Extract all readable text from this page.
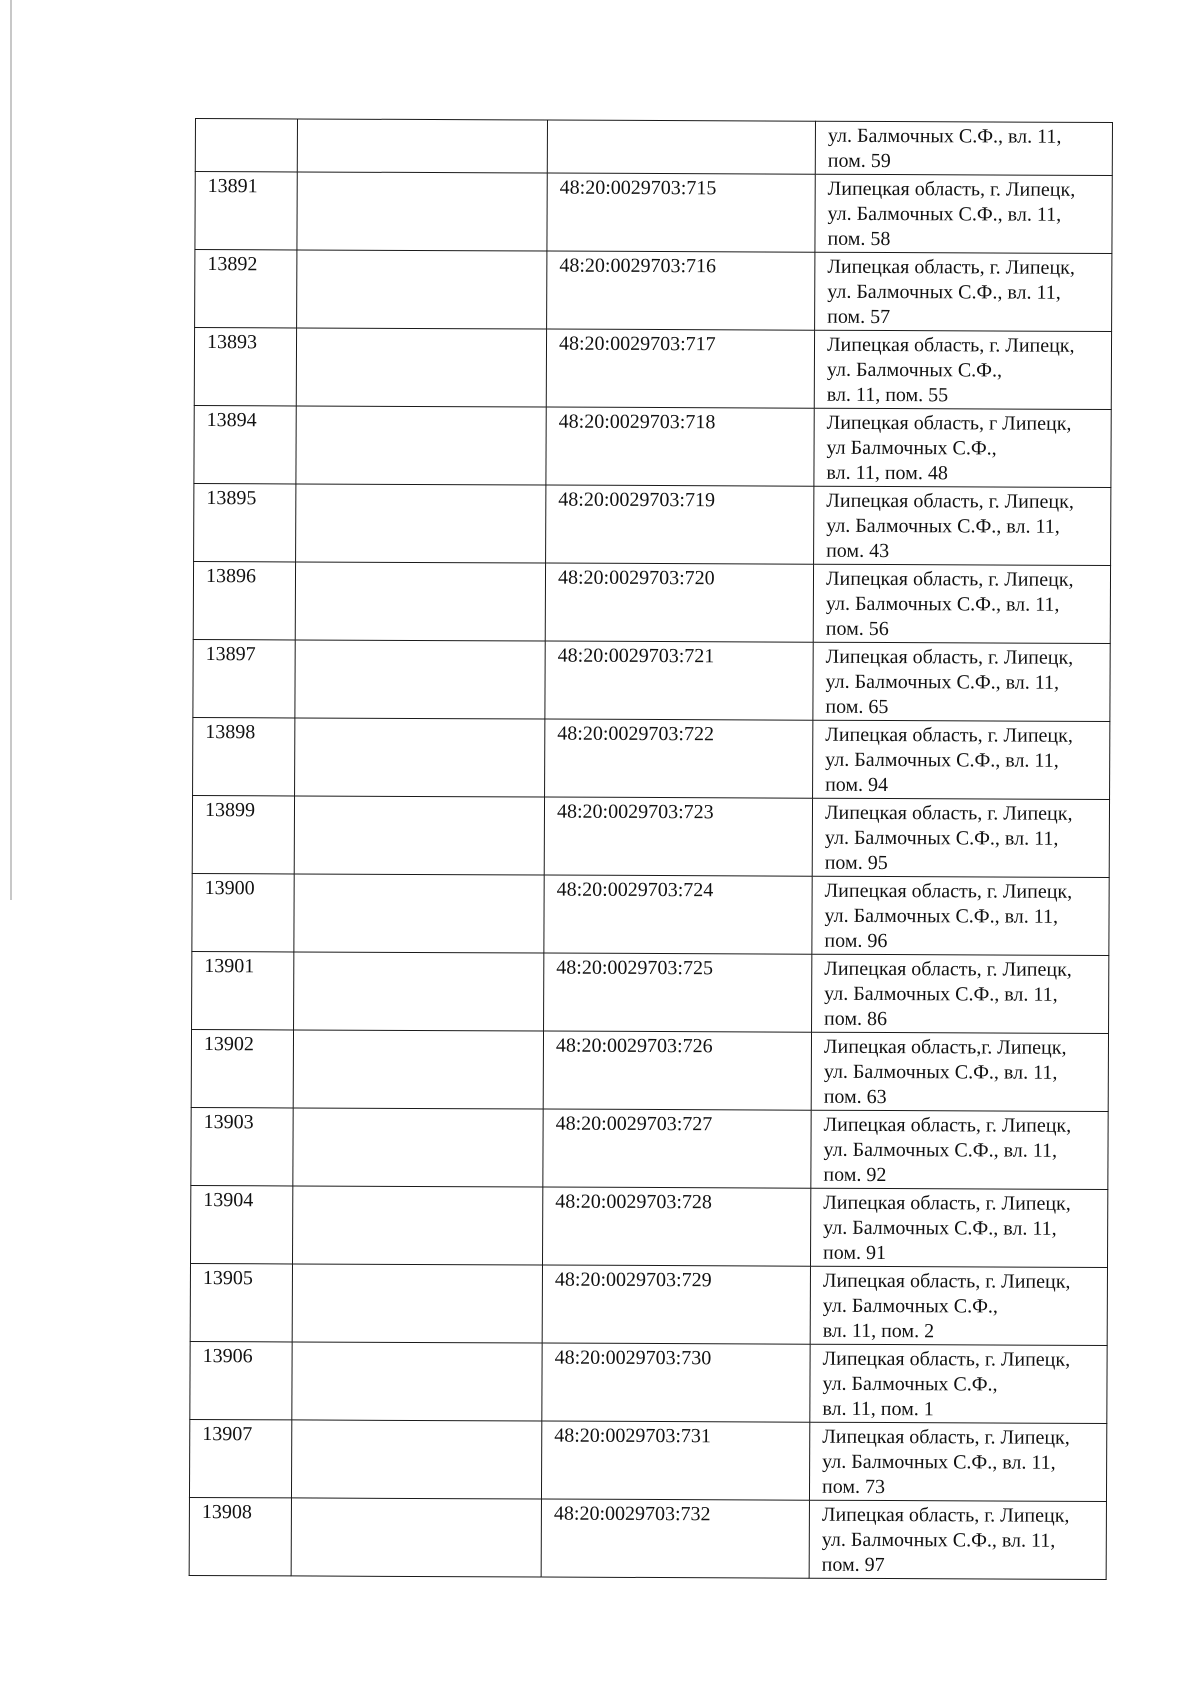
			ул. Балмочных С.Ф., вл. 11,
пом. 59

13891		48:20:0029703:715	Липецкая область, г. Липецк,
ул. Балмочных С.Ф., вл. 11,
пом. 58

13892		48:20:0029703:716	Липецкая область, г. Липецк,
ул. Балмочных С.Ф., вл. 11,
пом. 57

13893		48:20:0029703:717	Липецкая область, г. Липецк,
ул. Балмочных С.Ф.,
вл. 11, пом. 55

13894		48:20:0029703:718	Липецкая область, г Липецк,
ул Балмочных С.Ф.,
вл. 11, пом. 48

13895		48:20:0029703:719	Липецкая область, г. Липецк,
ул. Балмочных С.Ф., вл. 11,
пом. 43

13896		48:20:0029703:720	Липецкая область, г. Липецк,
ул. Балмочных С.Ф., вл. 11,
пом. 56

13897		48:20:0029703:721	Липецкая область, г. Липецк,
ул. Балмочных С.Ф., вл. 11,
пом. 65

13898		48:20:0029703:722	Липецкая область, г. Липецк,
ул. Балмочных С.Ф., вл. 11,
пом. 94

13899		48:20:0029703:723	Липецкая область, г. Липецк,
ул. Балмочных С.Ф., вл. 11,
пом. 95

13900		48:20:0029703:724	Липецкая область, г. Липецк,
ул. Балмочных С.Ф., вл. 11,
пом. 96

13901		48:20:0029703:725	Липецкая область, г. Липецк,
ул. Балмочных С.Ф., вл. 11,
пом. 86

13902		48:20:0029703:726	Липецкая область,г. Липецк,
ул. Балмочных С.Ф., вл. 11,
пом. 63

13903		48:20:0029703:727	Липецкая область, г. Липецк,
ул. Балмочных С.Ф., вл. 11,
пом. 92

13904		48:20:0029703:728	Липецкая область, г. Липецк,
ул. Балмочных С.Ф., вл. 11,
пом. 91

13905		48:20:0029703:729	Липецкая область, г. Липецк,
ул. Балмочных С.Ф.,
вл. 11, пом. 2

13906		48:20:0029703:730	Липецкая область, г. Липецк,
ул. Балмочных С.Ф.,
вл. 11, пом. 1

13907		48:20:0029703:731	Липецкая область, г. Липецк,
ул. Балмочных С.Ф., вл. 11,
пом. 73

13908		48:20:0029703:732	Липецкая область, г. Липецк,
ул. Балмочных С.Ф., вл. 11,
пом. 97
